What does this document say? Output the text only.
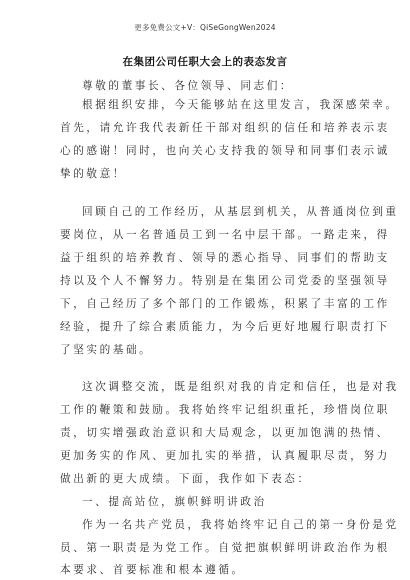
更多免费公文+V：QiSeGongWen2024
在集团公司任职大会上的表态发言
尊敬的董事长、各位领导、同志们：
根据组织安排，今天能够站在这里发言，我深感荣幸。
首先，请允许我代表新任干部对组织的信任和培养表示衷
心的感谢！同时，也向关心支持我的领导和同事们表示诚
挚的敬意！
回顾自己的工作经历，从基层到机关，从普通岗位到重
要岗位，从一名普通员工到一名中层干部。一路走来，得
益于组织的培养教育、领导的悉心指导、同事们的帮助支
持以及个人不懈努力。特别是在集团公司党委的坚强领导
下，自己经历了多个部门的工作锻炼，积累了丰富的工作
经验，提升了综合素质能力，为今后更好地履行职责打下
了坚实的基础。
这次调整交流，既是组织对我的肯定和信任，也是对我
工作的鞭策和鼓励。我将始终牢记组织重托，珍惜岗位职
责，切实增强政治意识和大局观念，以更加饱满的热情、
更加务实的作风、更加扎实的举措，认真履职尽责，努力
做出新的更大成绩。下面，我作如下表态：
一、提高站位，旗帜鲜明讲政治
作为一名共产党员，我将始终牢记自己的第一身份是党
员、第一职责是为党工作。自觉把旗帜鲜明讲政治作为根
本要求、首要标准和根本遵循。
